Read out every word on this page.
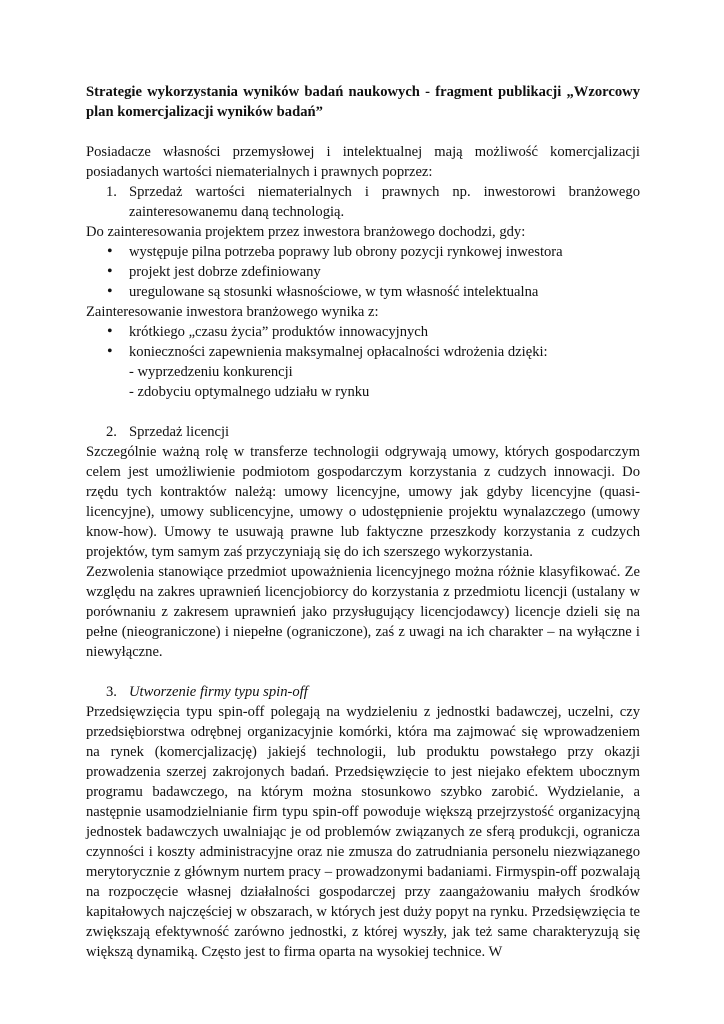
Strategie wykorzystania wyników badań naukowych - fragment publikacji „Wzorcowy plan komercjalizacji wyników badań”

Posiadacze własności przemysłowej i intelektualnej mają możliwość komercjalizacji posiadanych wartości niematerialnych i prawnych poprzez:

1. Sprzedaż wartości niematerialnych i prawnych np. inwestorowi branżowego zainteresowanemu daną technologią.

Do zainteresowania projektem przez inwestora branżowego dochodzi, gdy:

• występuje pilna potrzeba poprawy lub obrony pozycji rynkowej inwestora
• projekt jest dobrze zdefiniowany
• uregulowane są stosunki własnościowe, w tym własność intelektualna

Zainteresowanie inwestora branżowego wynika z:

• krótkiego „czasu życia” produktów innowacyjnych
• konieczności zapewnienia maksymalnej opłacalności wdrożenia dzięki:
- wyprzedzeniu konkurencji
- zdobyciu optymalnego udziału w rynku
2. Sprzedaż licencji

Szczególnie ważną rolę w transferze technologii odgrywają umowy, których gospodarczym celem jest umożliwienie podmiotom gospodarczym korzystania z cudzych innowacji. Do rzędu tych kontraktów należą: umowy licencyjne, umowy jak gdyby licencyjne (quasi-licencyjne), umowy sublicencyjne, umowy o udostępnienie projektu wynalazczego (umowy know-how). Umowy te usuwają prawne lub faktyczne przeszkody korzystania z cudzych projektów, tym samym zaś przyczyniają się do ich szerszego wykorzystania.

Zezwolenia stanowiące przedmiot upoważnienia licencyjnego można różnie klasyfikować. Ze względu na zakres uprawnień licencjobiorcy do korzystania z przedmiotu licencji (ustalany w porównaniu z zakresem uprawnień jako przysługujący licencjodawcy) licencje dzieli się na pełne (nieograniczone) i niepełne (ograniczone), zaś z uwagi na ich charakter – na wyłączne i niewyłączne.

3. Utworzenie firmy typu spin-off

Przedsięwzięcia typu spin-off polegają na wydzieleniu z jednostki badawczej, uczelni, czy przedsiębiorstwa odrębnej organizacyjnie komórki, która ma zajmować się wprowadzeniem na rynek (komercjalizację) jakiejś technologii, lub produktu powstałego przy okazji prowadzenia szerzej zakrojonych badań. Przedsięwzięcie to jest niejako efektem ubocznym programu badawczego, na którym można stosunkowo szybko zarobić. Wydzielanie, a następnie usamodzielnianie firm typu spin-off powoduje większą przejrzystość organizacyjną jednostek badawczych uwalniając je od problemów związanych ze sferą produkcji, ogranicza czynności i koszty administracyjne oraz nie zmusza do zatrudniania personelu niezwiązanego merytorycznie z głównym nurtem pracy – prowadzonymi badaniami. Firmyspin-off pozwalają na rozpoczęcie własnej działalności gospodarczej przy zaangażowaniu małych środków kapitałowych najczęściej w obszarach, w których jest duży popyt na rynku. Przedsięwzięcia te zwiększają efektywność zarówno jednostki, z której wyszły, jak też same charakteryzują się większą dynamiką. Często jest to firma oparta na wysokiej technice. W
